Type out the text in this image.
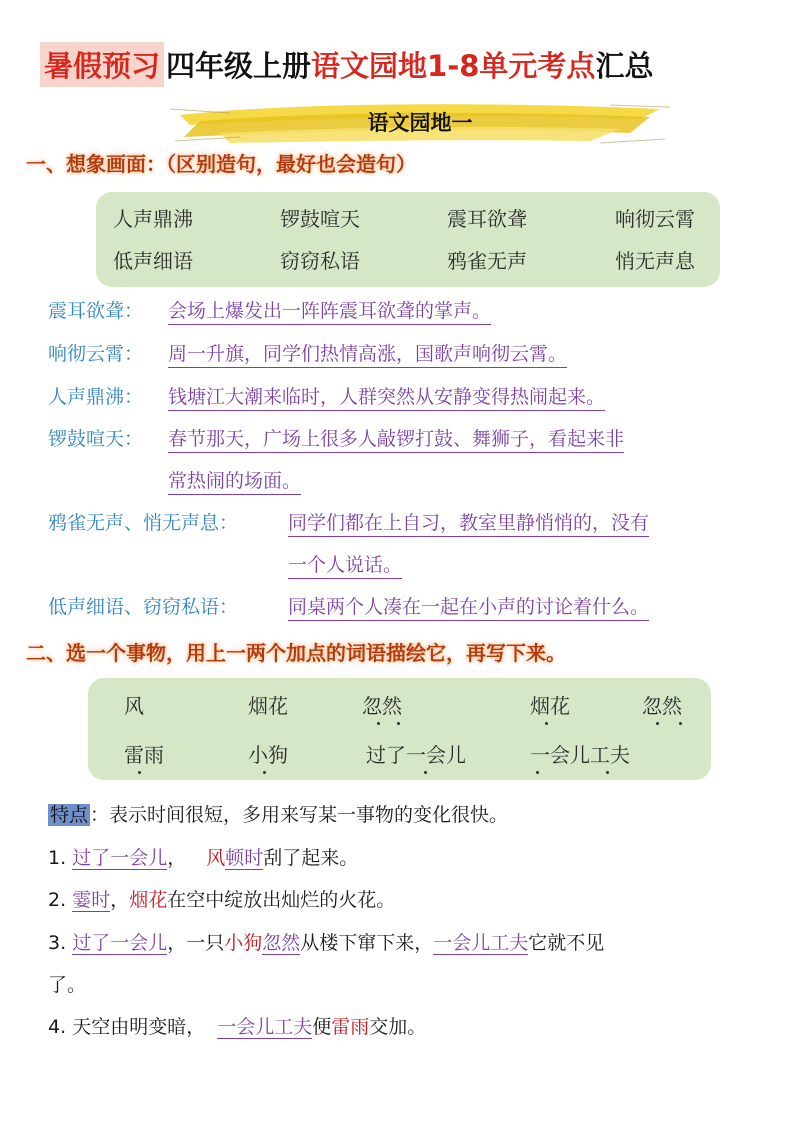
暑假预习 四年级上册 语文园地1-8单元考点 汇总
语文园地一
一、想象画面：（区别造句，最好也会造句）
人声鼎沸	锣鼓喧天	震耳欲聋	响彻云霄
低声细语	窃窃私语	鸦雀无声	悄无声息
震耳欲聋： 会场上爆发出一阵阵震耳欲聋的掌声。
响彻云霄： 周一升旗，同学们热情高涨，国歌声响彻云霄。
人声鼎沸： 钱塘江大潮来临时，人群突然从安静变得热闹起来。
锣鼓喧天： 春节那天，广场上很多人敲锣打鼓、舞狮子，看起来非
常热闹的场面。
鸦雀无声、悄无声息：	同学们都在上自习，教室里静悄悄的，没有
一个人说话。
低声细语、窃窃私语：	同桌两个人凑在一起在小声的讨论着什么。
二、选一个事物，用上一两个加点的词语描绘它，再写下来。
风	烟花	忽然	烟花	忽然
雷雨	小狗	过了一会儿	一会儿工夫
特点 ：表示时间很短，多用来写某一事物的变化很快。
1. 过了一会儿， 风顿时刮了起来。
2. 霎时，烟花在空中绽放出灿烂的火花。
3. 过了一会儿，一只小狗忽然从楼下窜下来，一会儿工夫它就不见
了。
4. 天空由明变暗， 一会儿工夫便雷雨交加。
